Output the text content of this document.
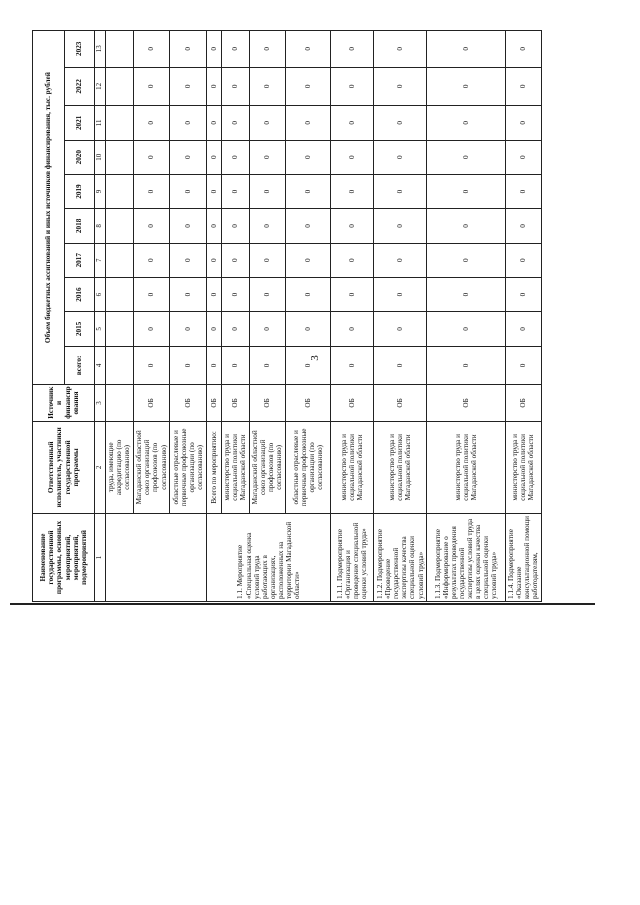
3
Наименование государственной программы, основных мероприятий, мероприятий, подмероприятий	Ответственный исполнитель, участники государственной программы	Источник и финансир ования	Объем бюджетных ассигнований и иных источников финансирования, тыс. рублей									
			всего:	2015	2016	2017	2018	2019	2020	2021	2022	2023
1	2	3	4	5	6	7	8	9	10	11	12	13
	труда, имеющие аккредитацию (по согласованию)											
	Магаданский областной союз организаций профсоюзов (по согласованию)	ОБ	0	0	0	0	0	0	0	0	0	0
	областные отраслевые и первичные профсоюзные организации (по согласованию)	ОБ	0	0	0	0	0	0	0	0	0	0
1.1. Мероприятие «Специальная оценка условий труда работающих в организациях, расположенных на территории Магаданской области»	Всего по мероприятию:	ОБ	0	0	0	0	0	0	0	0	0	0
	министерство труда и социальной политики Магаданской области	ОБ	0	0	0	0	0	0	0	0	0	0
	Магаданский областной союз организаций профсоюзов (по согласованию)	ОБ	0	0	0	0	0	0	0	0	0	0
	областные отраслевые и первичные профсоюзные организации (по согласованию)	ОБ	0	0	0	0	0	0	0	0	0	0
1.1.1. Подмероприятие «Организация и проведение специальной оценки условий труда»	министерство труда и социальной политики Магаданской области	ОБ	0	0	0	0	0	0	0	0	0	0
1.1.2. Подмероприятие «Проведение государственной экспертизы качества специальной оценки условий труда»	министерство труда и социальной политики Магаданской области	ОБ	0	0	0	0	0	0	0	0	0	0
1.1.3. Подмероприятие «Информирование о результатах проведения государственной экспертизы условий труда в целях оценки качества специальной оценки условий труда»	министерство труда и социальной политики Магаданской области	ОБ	0	0	0	0	0	0	0	0	0	0
1.1.4. Подмероприятие «Оказание консультационной помощи работодателям,	министерство труда и социальной политики Магаданской области	ОБ	0	0	0	0	0	0	0	0	0	0
